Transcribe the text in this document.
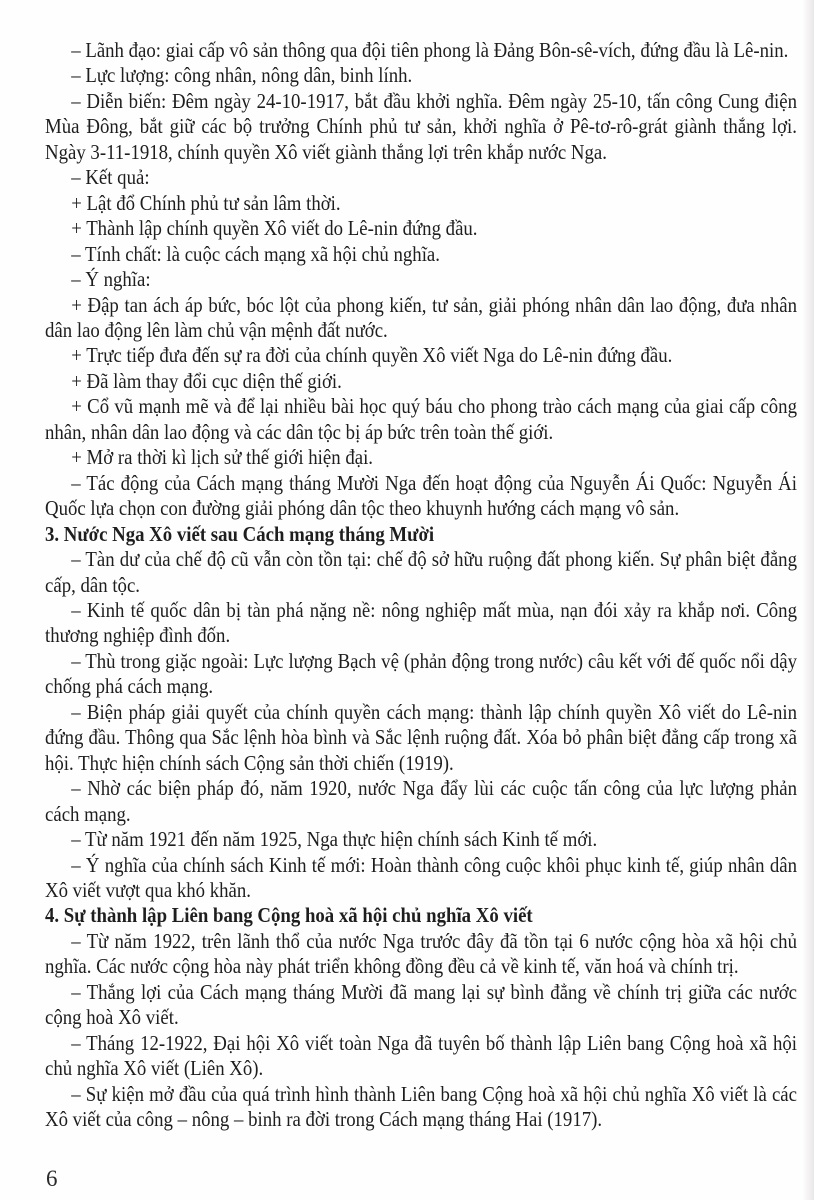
– Lãnh đạo: giai cấp vô sản thông qua đội tiên phong là Đảng Bôn-sê-vích, đứng đầu là Lê-nin.

– Lực lượng: công nhân, nông dân, binh lính.

– Diễn biến: Đêm ngày 24-10-1917, bắt đầu khởi nghĩa. Đêm ngày 25-10, tấn công Cung điện Mùa Đông, bắt giữ các bộ trưởng Chính phủ tư sản, khởi nghĩa ở Pê-tơ-rô-grát giành thắng lợi. Ngày 3-11-1918, chính quyền Xô viết giành thắng lợi trên khắp nước Nga.

– Kết quả:

+ Lật đổ Chính phủ tư sản lâm thời.

+ Thành lập chính quyền Xô viết do Lê-nin đứng đầu.

– Tính chất: là cuộc cách mạng xã hội chủ nghĩa.

– Ý nghĩa:

+ Đập tan ách áp bức, bóc lột của phong kiến, tư sản, giải phóng nhân dân lao động, đưa nhân dân lao động lên làm chủ vận mệnh đất nước.

+ Trực tiếp đưa đến sự ra đời của chính quyền Xô viết Nga do Lê-nin đứng đầu.

+ Đã làm thay đổi cục diện thế giới.

+ Cổ vũ mạnh mẽ và để lại nhiều bài học quý báu cho phong trào cách mạng của giai cấp công nhân, nhân dân lao động và các dân tộc bị áp bức trên toàn thế giới.

+ Mở ra thời kì lịch sử thế giới hiện đại.

– Tác động của Cách mạng tháng Mười Nga đến hoạt động của Nguyễn Ái Quốc: Nguyễn Ái Quốc lựa chọn con đường giải phóng dân tộc theo khuynh hướng cách mạng vô sản.

3. Nước Nga Xô viết sau Cách mạng tháng Mười

– Tàn dư của chế độ cũ vẫn còn tồn tại: chế độ sở hữu ruộng đất phong kiến. Sự phân biệt đẳng cấp, dân tộc.

– Kinh tế quốc dân bị tàn phá nặng nề: nông nghiệp mất mùa, nạn đói xảy ra khắp nơi. Công thương nghiệp đình đốn.

– Thù trong giặc ngoài: Lực lượng Bạch vệ (phản động trong nước) câu kết với đế quốc nổi dậy chống phá cách mạng.

– Biện pháp giải quyết của chính quyền cách mạng: thành lập chính quyền Xô viết do Lê-nin đứng đầu. Thông qua Sắc lệnh hòa bình và Sắc lệnh ruộng đất. Xóa bỏ phân biệt đẳng cấp trong xã hội. Thực hiện chính sách Cộng sản thời chiến (1919).

– Nhờ các biện pháp đó, năm 1920, nước Nga đẩy lùi các cuộc tấn công của lực lượng phản cách mạng.

– Từ năm 1921 đến năm 1925, Nga thực hiện chính sách Kinh tế mới.

– Ý nghĩa của chính sách Kinh tế mới: Hoàn thành công cuộc khôi phục kinh tế, giúp nhân dân Xô viết vượt qua khó khăn.

4. Sự thành lập Liên bang Cộng hoà xã hội chủ nghĩa Xô viết

– Từ năm 1922, trên lãnh thổ của nước Nga trước đây đã tồn tại 6 nước cộng hòa xã hội chủ nghĩa. Các nước cộng hòa này phát triển không đồng đều cả về kinh tế, văn hoá và chính trị.

– Thắng lợi của Cách mạng tháng Mười đã mang lại sự bình đẳng về chính trị giữa các nước cộng hoà Xô viết.

– Tháng 12-1922, Đại hội Xô viết toàn Nga đã tuyên bố thành lập Liên bang Cộng hoà xã hội chủ nghĩa Xô viết (Liên Xô).

– Sự kiện mở đầu của quá trình hình thành Liên bang Cộng hoà xã hội chủ nghĩa Xô viết là các Xô viết của công – nông – binh ra đời trong Cách mạng tháng Hai (1917).

6
